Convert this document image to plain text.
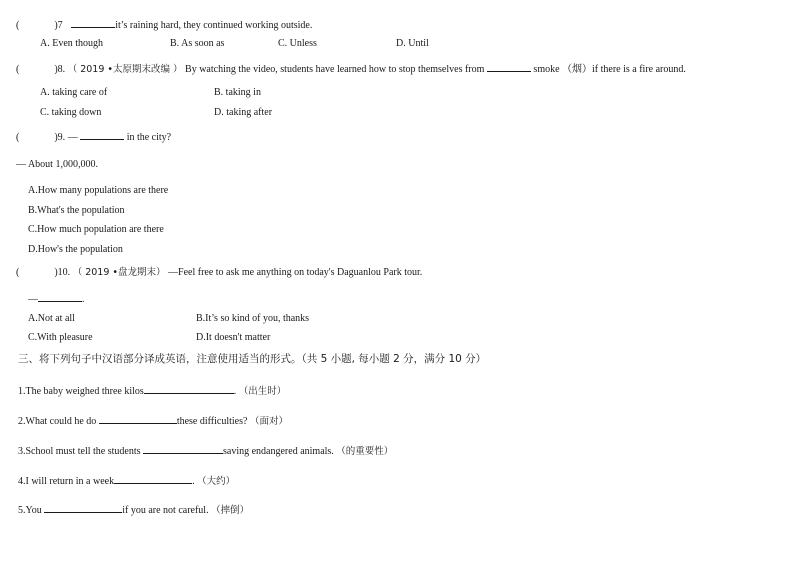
(	)7	it’s raining hard, they continued working outside.
A. Even though	B. As soon as	C. Unless	D. Until
(	)8. （ 2019 •太原期末改编 ） By watching the video, students have learned how to stop themselves from	smoke （烟）if there is a fire around.
A. taking care of	B. taking in
C. taking down	D. taking after
(	)9. —	in the city?
— About 1,000,000.
A.How many populations are there
B.What's the population
C.How much population are there
D.How's the population
(	)10. （ 2019 •盘龙期末） —Feel free to ask me anything on today's Daguanlou Park tour.
—	.
A.Not at all	B.It’s so kind of you, thanks
C.With pleasure	D.It doesn't matter
三、将下列句子中汉语部分译成英语，注意使用适当的形式。（共 5 小题, 每小题 2 分，满分 10 分）
1.The baby weighed three kilos	. （出生时）
2.What could he do	these difficulties? （面对）
3.School must tell the students	saving endangered animals. （的重要性）
4.I will return in a week	. （大约）
5.You	if you are not careful. （摔倒）
